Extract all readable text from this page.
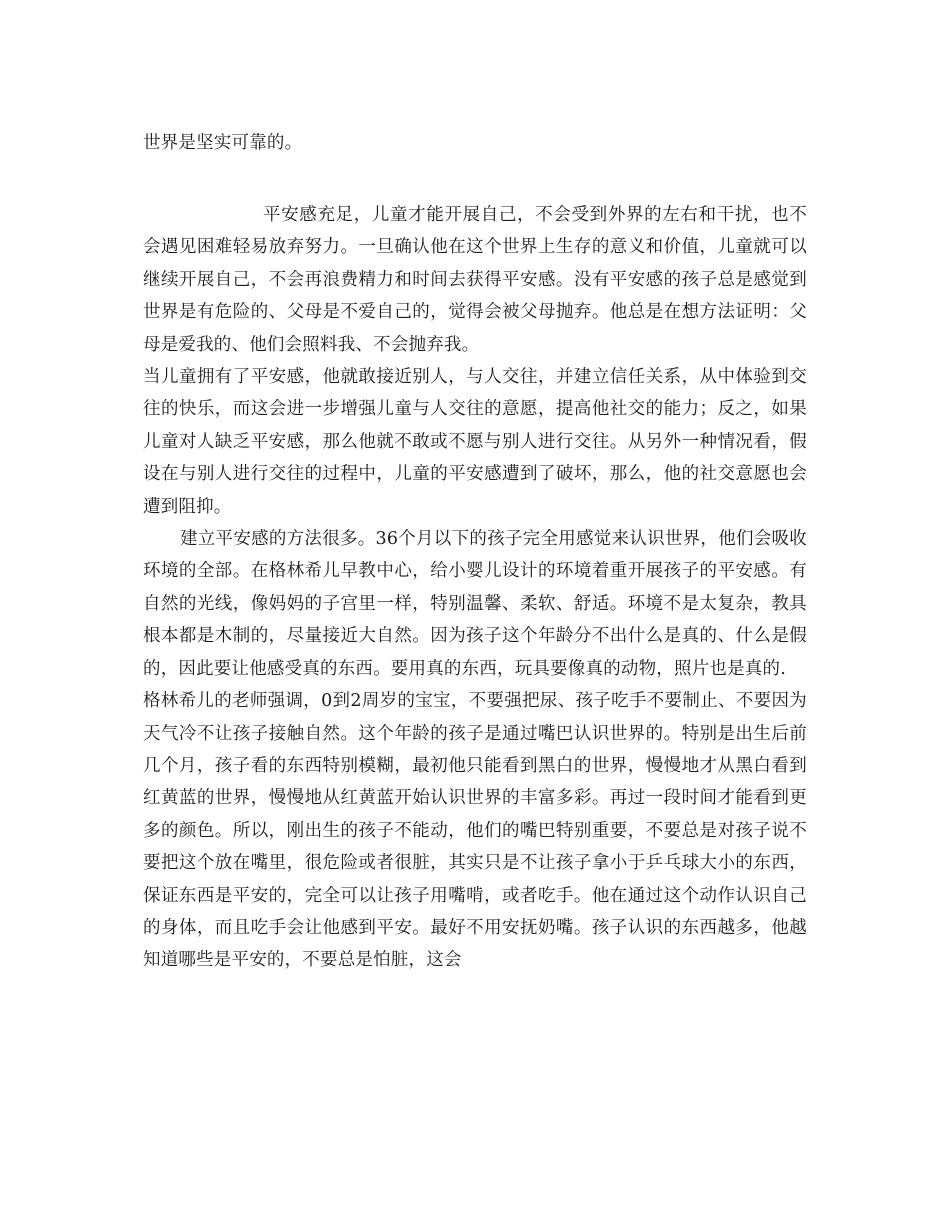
世界是坚实可靠的。

平安感充足，儿童才能开展自己，不会受到外界的左右和干扰，也不会遇见困难轻易放弃努力。一旦确认他在这个世界上生存的意义和价值，儿童就可以继续开展自己，不会再浪费精力和时间去获得平安感。没有平安感的孩子总是感觉到世界是有危险的、父母是不爱自己的，觉得会被父母抛弃。他总是在想方法证明：父母是爱我的、他们会照料我、不会抛弃我。

当儿童拥有了平安感，他就敢接近别人，与人交往，并建立信任关系，从中体验到交往的快乐，而这会进一步增强儿童与人交往的意愿，提高他社交的能力；反之，如果儿童对人缺乏平安感，那么他就不敢或不愿与别人进行交往。从另外一种情况看，假设在与别人进行交往的过程中，儿童的平安感遭到了破坏，那么，他的社交意愿也会遭到阻抑。

建立平安感的方法很多。36个月以下的孩子完全用感觉来认识世界，他们会吸收环境的全部。在格林希儿早教中心，给小婴儿设计的环境着重开展孩子的平安感。有自然的光线，像妈妈的子宫里一样，特别温馨、柔软、舒适。环境不是太复杂，教具根本都是木制的，尽量接近大自然。因为孩子这个年龄分不出什么是真的、什么是假的，因此要让他感受真的东西。要用真的东西，玩具要像真的动物，照片也是真的.

格林希儿的老师强调，0到2周岁的宝宝，不要强把尿、孩子吃手不要制止、不要因为天气冷不让孩子接触自然。这个年龄的孩子是通过嘴巴认识世界的。特别是出生后前几个月，孩子看的东西特别模糊，最初他只能看到黑白的世界，慢慢地才从黑白看到红黄蓝的世界，慢慢地从红黄蓝开始认识世界的丰富多彩。再过一段时间才能看到更多的颜色。所以，刚出生的孩子不能动，他们的嘴巴特别重要，不要总是对孩子说不要把这个放在嘴里，很危险或者很脏，其实只是不让孩子拿小于乒乓球大小的东西，保证东西是平安的，完全可以让孩子用嘴啃，或者吃手。他在通过这个动作认识自己的身体，而且吃手会让他感到平安。最好不用安抚奶嘴。孩子认识的东西越多，他越知道哪些是平安的，不要总是怕脏，这会
